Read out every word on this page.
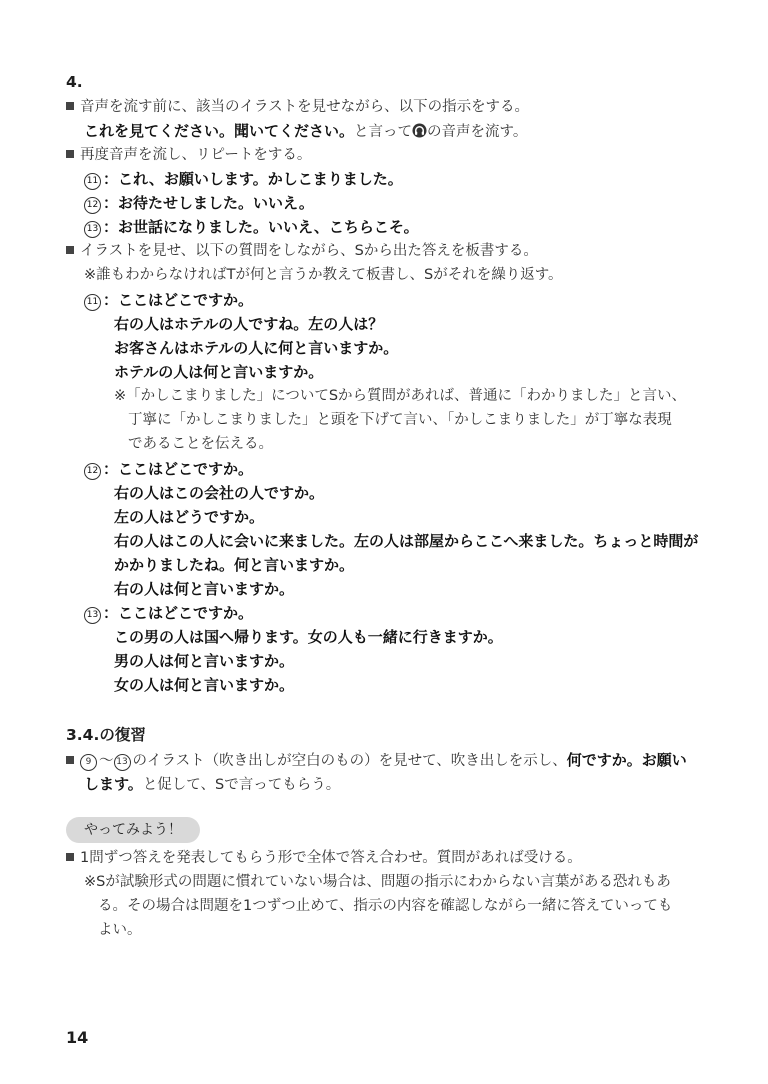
4.
音声を流す前に、該当のイラストを見せながら、以下の指示をする。
これを見てください。聞いてください。と言って の音声を流す。
再度音声を流し、リピートをする。
11 ：これ、お願いします。かしこまりました。
12 ：お待たせしました。いいえ。
13 ：お世話になりました。いいえ、こちらこそ。
イラストを見せ、以下の質問をしながら、Sから出た答えを板書する。
※誰もわからなければTが何と言うか教えて板書し、Sがそれを繰り返す。
11 ：ここはどこですか。
右の人はホテルの人ですね。左の人は？
お客さんはホテルの人に何と言いますか。
ホテルの人は何と言いますか。
※「かしこまりました」についてSから質問があれば、普通に「わかりました」と言い、
丁寧に「かしこまりました」と頭を下げて言い、「かしこまりました」が丁寧な表現
であることを伝える。
12 ：ここはどこですか。
右の人はこの会社の人ですか。
左の人はどうですか。
右の人はこの人に会いに来ました。左の人は部屋からここへ来ました。ちょっと時間が
かかりましたね。何と言いますか。
右の人は何と言いますか。
13 ：ここはどこですか。
この男の人は国へ帰ります。女の人も一緒に行きますか。
男の人は何と言いますか。
女の人は何と言いますか。
3.4.の復習
9 〜 13 のイラスト（吹き出しが空白のもの）を見せて、吹き出しを示し、何ですか。お願い
します。と促して、Sで言ってもらう。
やってみよう！
1問ずつ答えを発表してもらう形で全体で答え合わせ。質問があれば受ける。
※Sが試験形式の問題に慣れていない場合は、問題の指示にわからない言葉がある恐れもあ
る。その場合は問題を1つずつ止めて、指示の内容を確認しながら一緒に答えていっても
よい。
14
